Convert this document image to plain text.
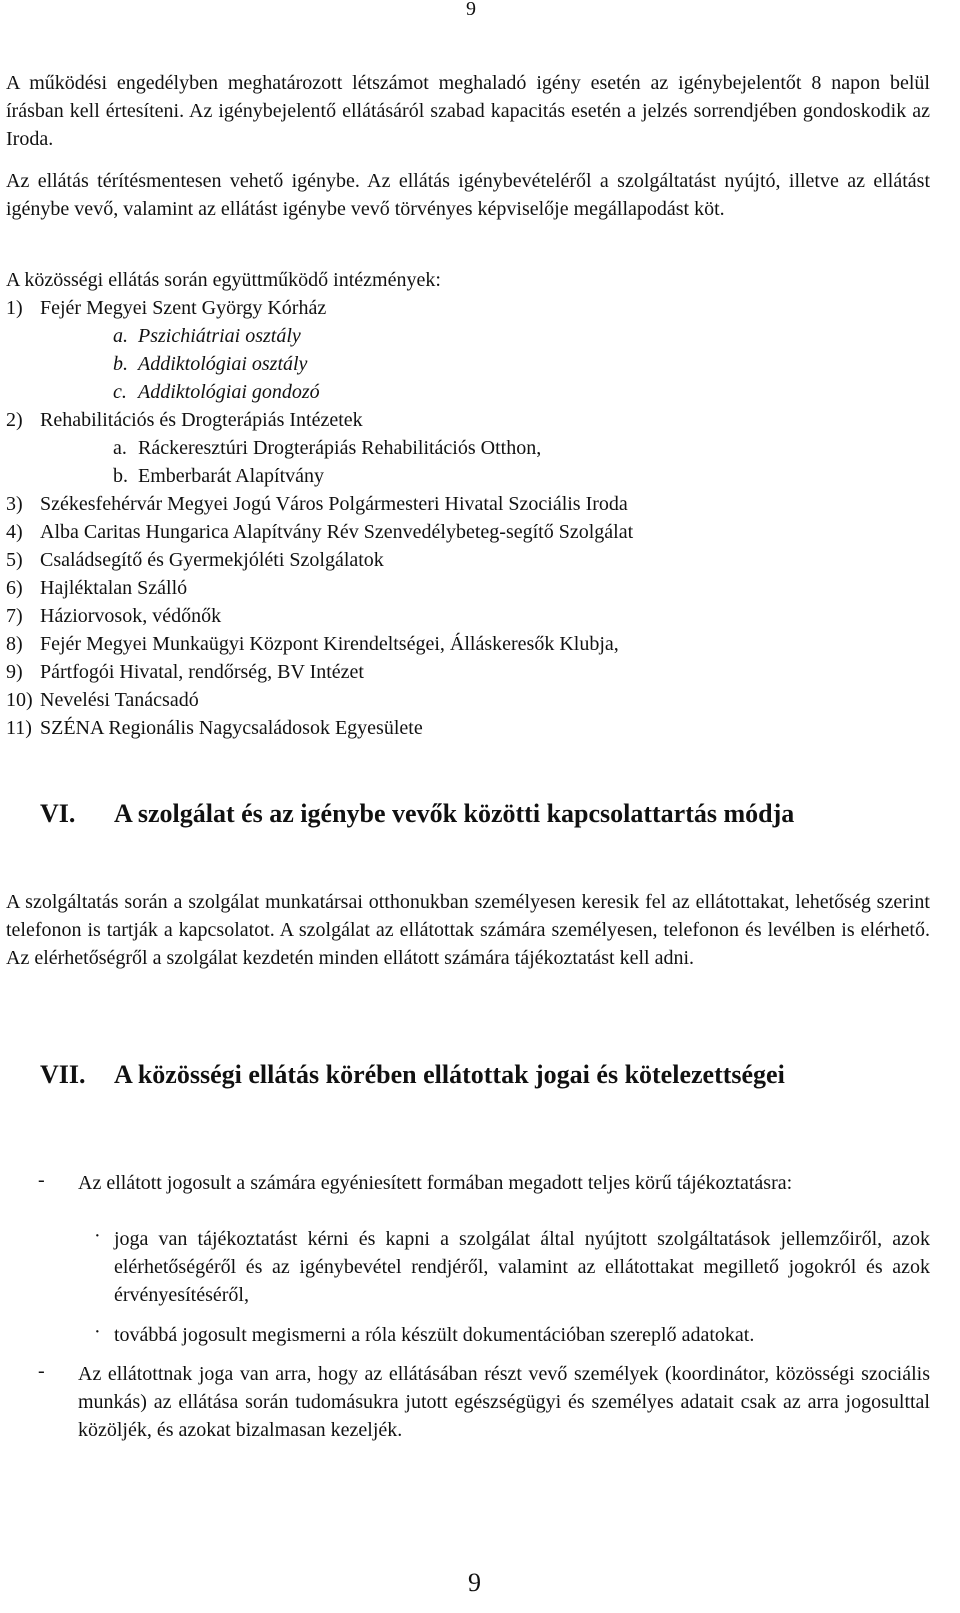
9
A működési engedélyben meghatározott létszámot meghaladó igény esetén az igénybejelentőt 8 napon belül írásban kell értesíteni. Az igénybejelentő ellátásáról szabad kapacitás esetén a jelzés sorrendjében gondoskodik az Iroda.
Az ellátás térítésmentesen vehető igénybe. Az ellátás igénybevételéről a szolgáltatást nyújtó, illetve az ellátást igénybe vevő, valamint az ellátást igénybe vevő törvényes képviselője megállapodást köt.
A közösségi ellátás során együttműködő intézmények:
1) Fejér Megyei Szent György Kórház
a. Pszichiátriai osztály
b. Addiktológiai osztály
c. Addiktológiai gondozó
2) Rehabilitációs és Drogterápiás Intézetek
a. Ráckeresztúri Drogterápiás Rehabilitációs Otthon,
b. Emberbarát Alapítvány
3) Székesfehérvár Megyei Jogú Város Polgármesteri Hivatal Szociális Iroda
4) Alba Caritas Hungarica Alapítvány Rév Szenvedélybeteg-segítő Szolgálat
5) Családsegítő és Gyermekjóléti Szolgálatok
6) Hajléktalan Szálló
7) Háziorvosok, védőnők
8) Fejér Megyei Munkaügyi Központ Kirendeltségei, Álláskeresők Klubja,
9) Pártfogói Hivatal, rendőrség, BV Intézet
10) Nevelési Tanácsadó
11) SZÉNA Regionális Nagycsaládosok Egyesülete
VI. A szolgálat és az igénybe vevők közötti kapcsolattartás módja
A szolgáltatás során a szolgálat munkatársai otthonukban személyesen keresik fel az ellátottakat, lehetőség szerint telefonon is tartják a kapcsolatot. A szolgálat az ellátottak számára személyesen, telefonon és levélben is elérhető. Az elérhetőségről a szolgálat kezdetén minden ellátott számára tájékoztatást kell adni.
VII. A közösségi ellátás körében ellátottak jogai és kötelezettségei
- Az ellátott jogosult a számára egyéniesített formában megadott teljes körű tájékoztatásra:
· joga van tájékoztatást kérni és kapni a szolgálat által nyújtott szolgáltatások jellemzőiről, azok elérhetőségéről és az igénybevétel rendjéről, valamint az ellátottakat megillető jogokról és azok érvényesítéséről,
· továbbá jogosult megismerni a róla készült dokumentációban szereplő adatokat.
- Az ellátottnak joga van arra, hogy az ellátásában részt vevő személyek (koordinátor, közösségi szociális munkás) az ellátása során tudomásukra jutott egészségügyi és személyes adatait csak az arra jogosulttal közöljék, és azokat bizalmasan kezeljék.
9
